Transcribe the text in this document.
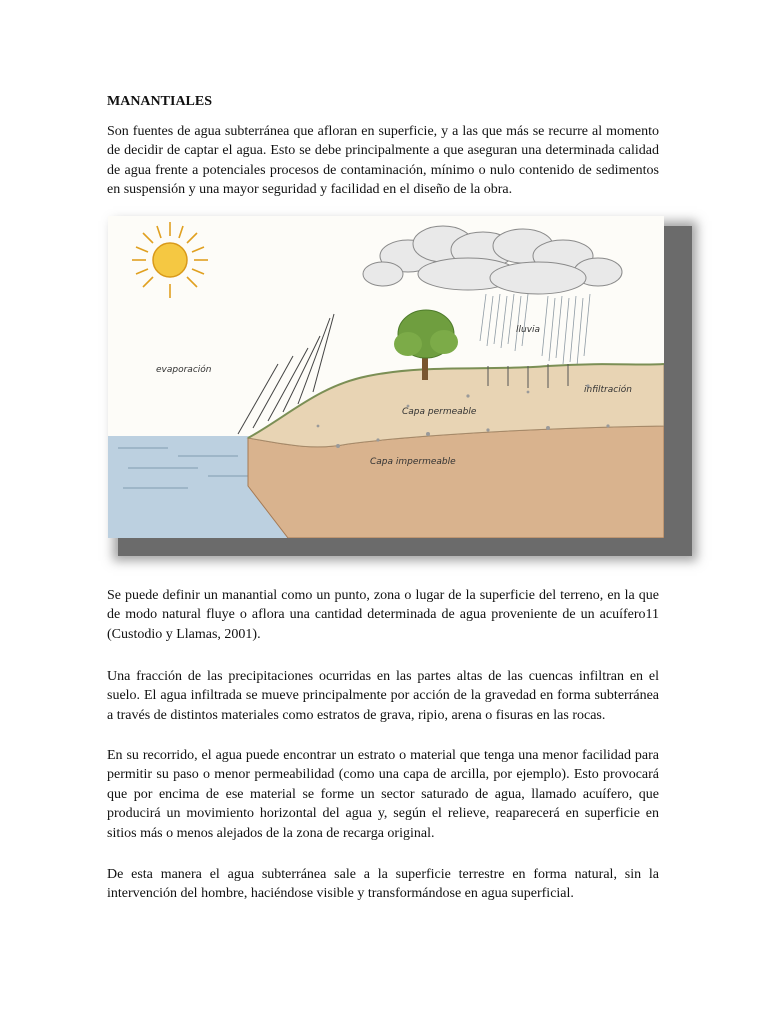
MANANTIALES

Son fuentes de agua subterránea que afloran en superficie, y a las que más se recurre al momento de decidir de captar el agua. Esto se debe principalmente a que aseguran una determinada calidad de agua frente a potenciales procesos de contaminación, mínimo o nulo contenido de sedimentos en suspensión y una mayor seguridad y facilidad en el diseño de la obra.

evaporación
lluvia
infiltración
Capa permeable
Capa impermeable

Se puede definir un manantial como un punto, zona o lugar de la superficie del terreno, en la que de modo natural fluye o aflora una cantidad determinada de agua proveniente de un acuífero11 (Custodio y Llamas, 2001).

Una fracción de las precipitaciones ocurridas en las partes altas de las cuencas infiltran en el suelo. El agua infiltrada se mueve principalmente por acción de la gravedad en forma subterránea a través de distintos materiales como estratos de grava, ripio, arena o fisuras en las rocas.

En su recorrido, el agua puede encontrar un estrato o material que tenga una menor facilidad para permitir su paso o menor permeabilidad (como una capa de arcilla, por ejemplo). Esto provocará que por encima de ese material se forme un sector saturado de agua, llamado acuífero, que producirá un movimiento horizontal del agua y, según el relieve, reaparecerá en superficie en sitios más o menos alejados de la zona de recarga original.

De esta manera el agua subterránea sale a la superficie terrestre en forma natural, sin la intervención del hombre, haciéndose visible y transformándose en agua superficial.
